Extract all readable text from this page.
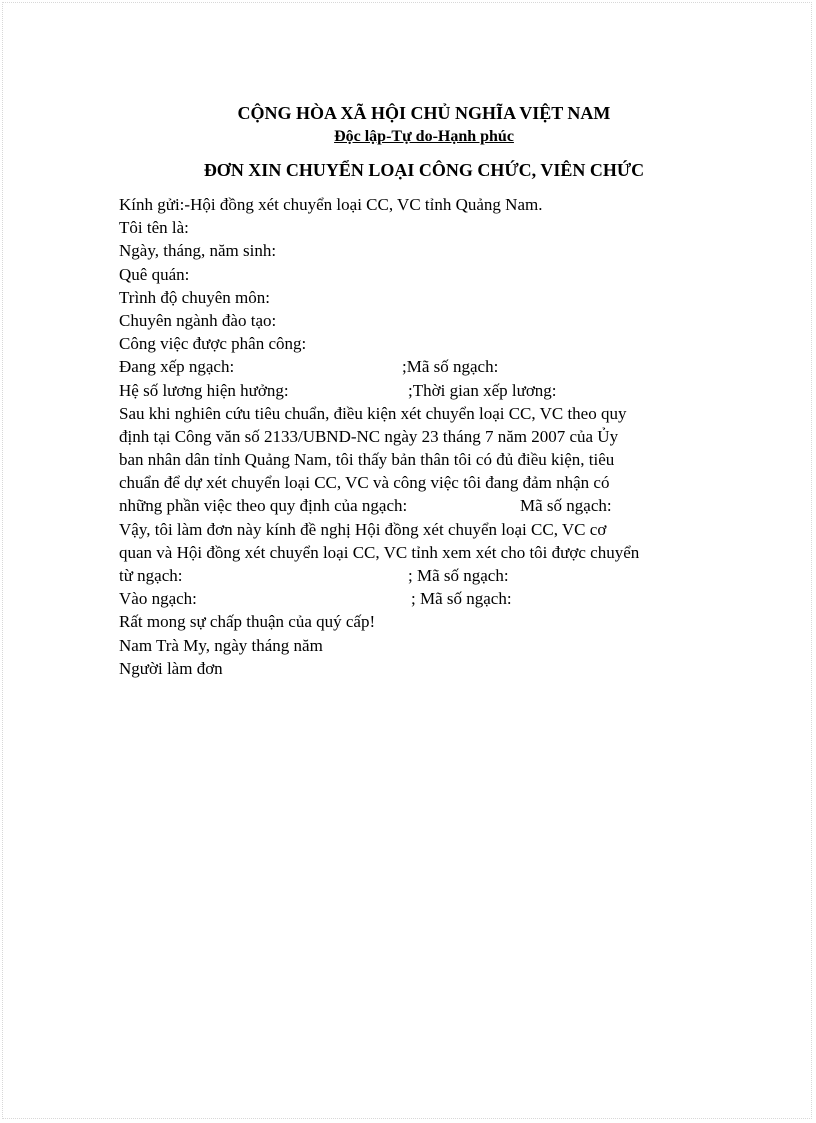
CỘNG HÒA XÃ HỘI CHỦ NGHĨA VIỆT NAM
Độc lập-Tự do-Hạnh phúc
ĐƠN XIN CHUYỂN LOẠI CÔNG CHỨC, VIÊN CHỨC
Kính gửi:-Hội đồng xét chuyển loại CC, VC tỉnh Quảng Nam.
Tôi tên là:
Ngày, tháng, năm sinh:
Quê quán:
Trình độ chuyên môn:
Chuyên ngành đào tạo:
Công việc được phân công:
Đang xếp ngạch:	;Mã số ngạch:
Hệ số lương hiện hưởng:	;Thời gian xếp lương:
Sau khi nghiên cứu tiêu chuẩn, điều kiện xét chuyển loại CC, VC theo quy
định tại Công văn số 2133/UBND-NC ngày 23 tháng 7 năm 2007 của Ủy
ban nhân dân tỉnh Quảng Nam, tôi thấy bản thân tôi có đủ điều kiện, tiêu
chuẩn để dự xét chuyển loại CC, VC và công việc tôi đang đảm nhận có
những phần việc theo quy định của ngạch:	Mã số ngạch:
Vậy, tôi làm đơn này kính đề nghị Hội đồng xét chuyển loại CC, VC cơ
quan và Hội đồng xét chuyển loại CC, VC tỉnh xem xét cho tôi được chuyển
từ ngạch:	; Mã số ngạch:
Vào ngạch:	; Mã số ngạch:
Rất mong sự chấp thuận của quý cấp!
Nam Trà My, ngày tháng năm
Người làm đơn
